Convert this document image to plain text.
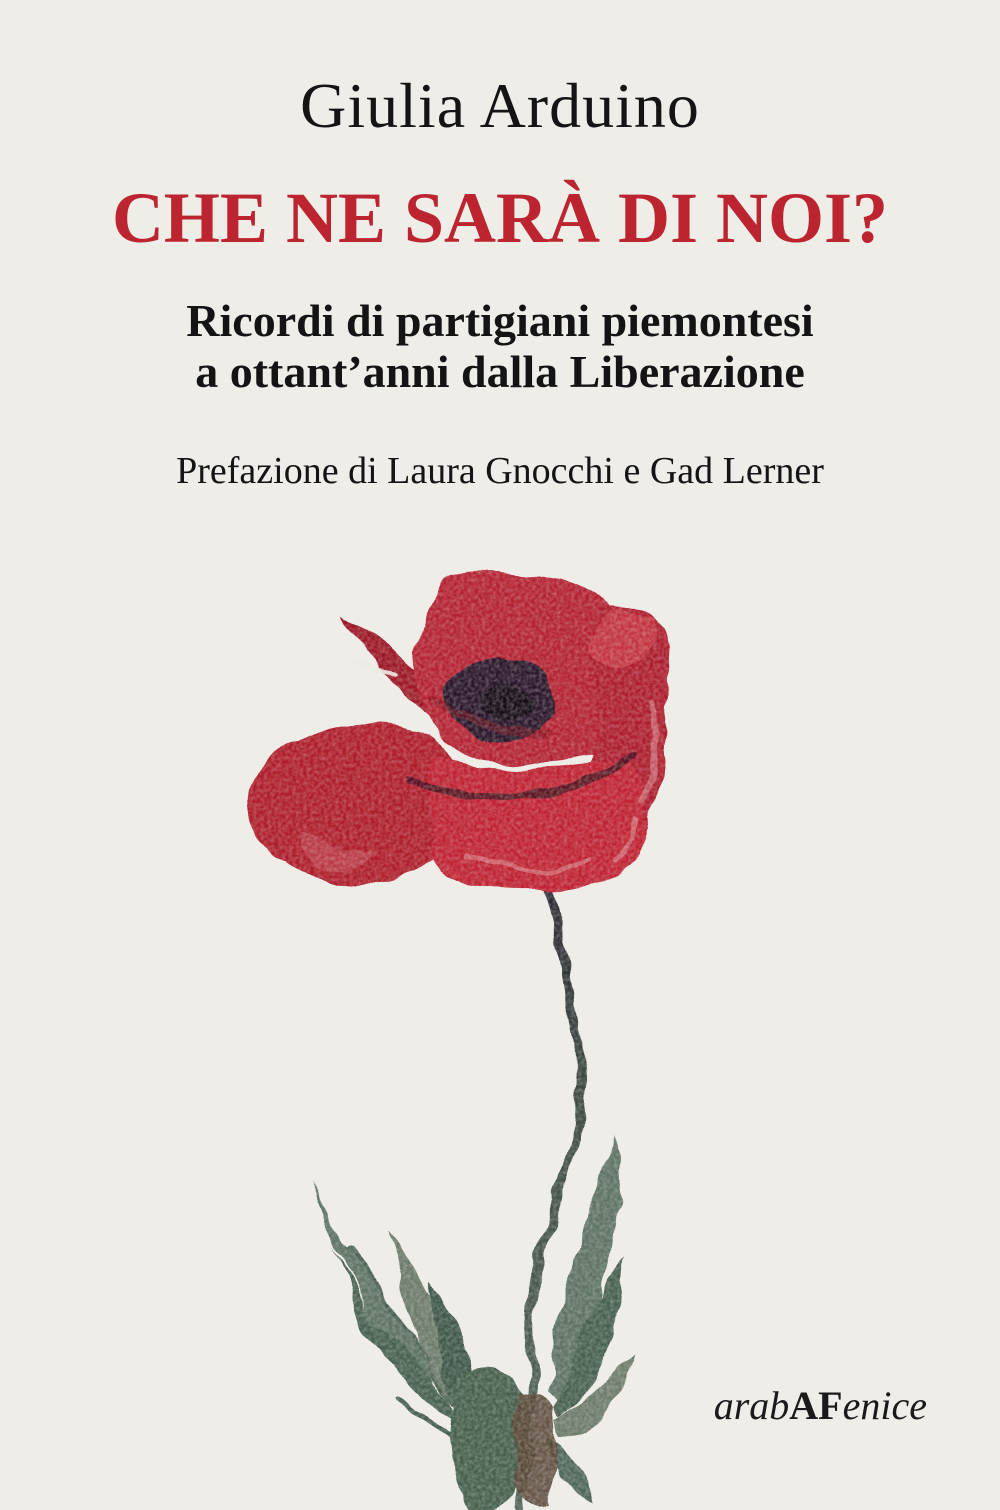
Giulia Arduino
CHE NE SARÀ DI NOI?
Ricordi di partigiani piemontesi
a ottant’anni dalla Liberazione
Prefazione di Laura Gnocchi e Gad Lerner
arabAFenice
